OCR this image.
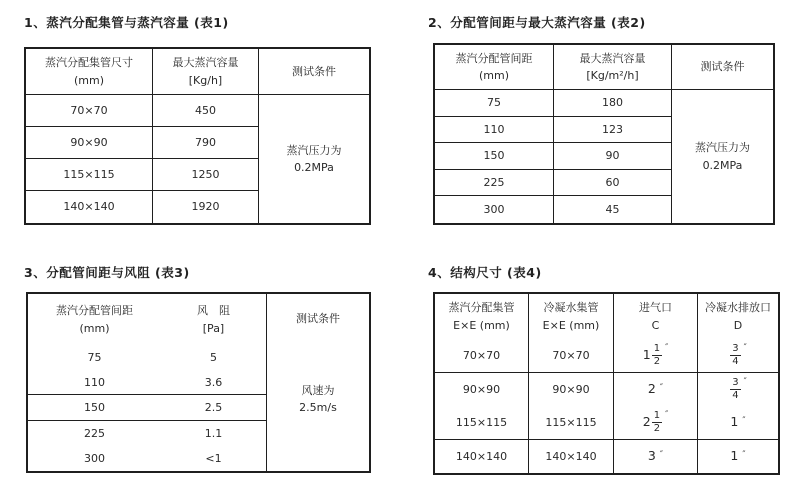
1、蒸汽分配集管与蒸汽容量 (表1)
蒸汽分配集管尺寸
(mm)
最大蒸汽容量
[Kg/h]
测试条件
70×70	450
90×90	790
115×115	1250
140×140	1920
蒸汽压力为
0.2MPa
2、分配管间距与最大蒸汽容量 (表2)
蒸汽分配管间距
(mm)
最大蒸汽容量
[Kg/m²/h]
测试条件
75	180
110	123
150	90
225	60
300	45
蒸汽压力为
0.2MPa
3、分配管间距与风阻 (表3)
蒸汽分配管间距
(mm)
风　阻
[Pa]
测试条件
风速为
2.5m/s
75	5
110	3.6
150	2.5
225	1.1
300	<1
4、结构尺寸 (表4)
蒸汽分配集管
E×E (mm)
冷凝水集管
E×E (mm)
进气口
C
冷凝水排放口
D
70×70	70×70	$1 \frac{1}{2}$ ″	$\frac{3}{4}$ ″
90×90	90×90	2 ″	$\frac{3}{4}$ ″
115×115	115×115	$2 \frac{1}{2}$ ″	1 ″
140×140	140×140	3 ″	1 ″
